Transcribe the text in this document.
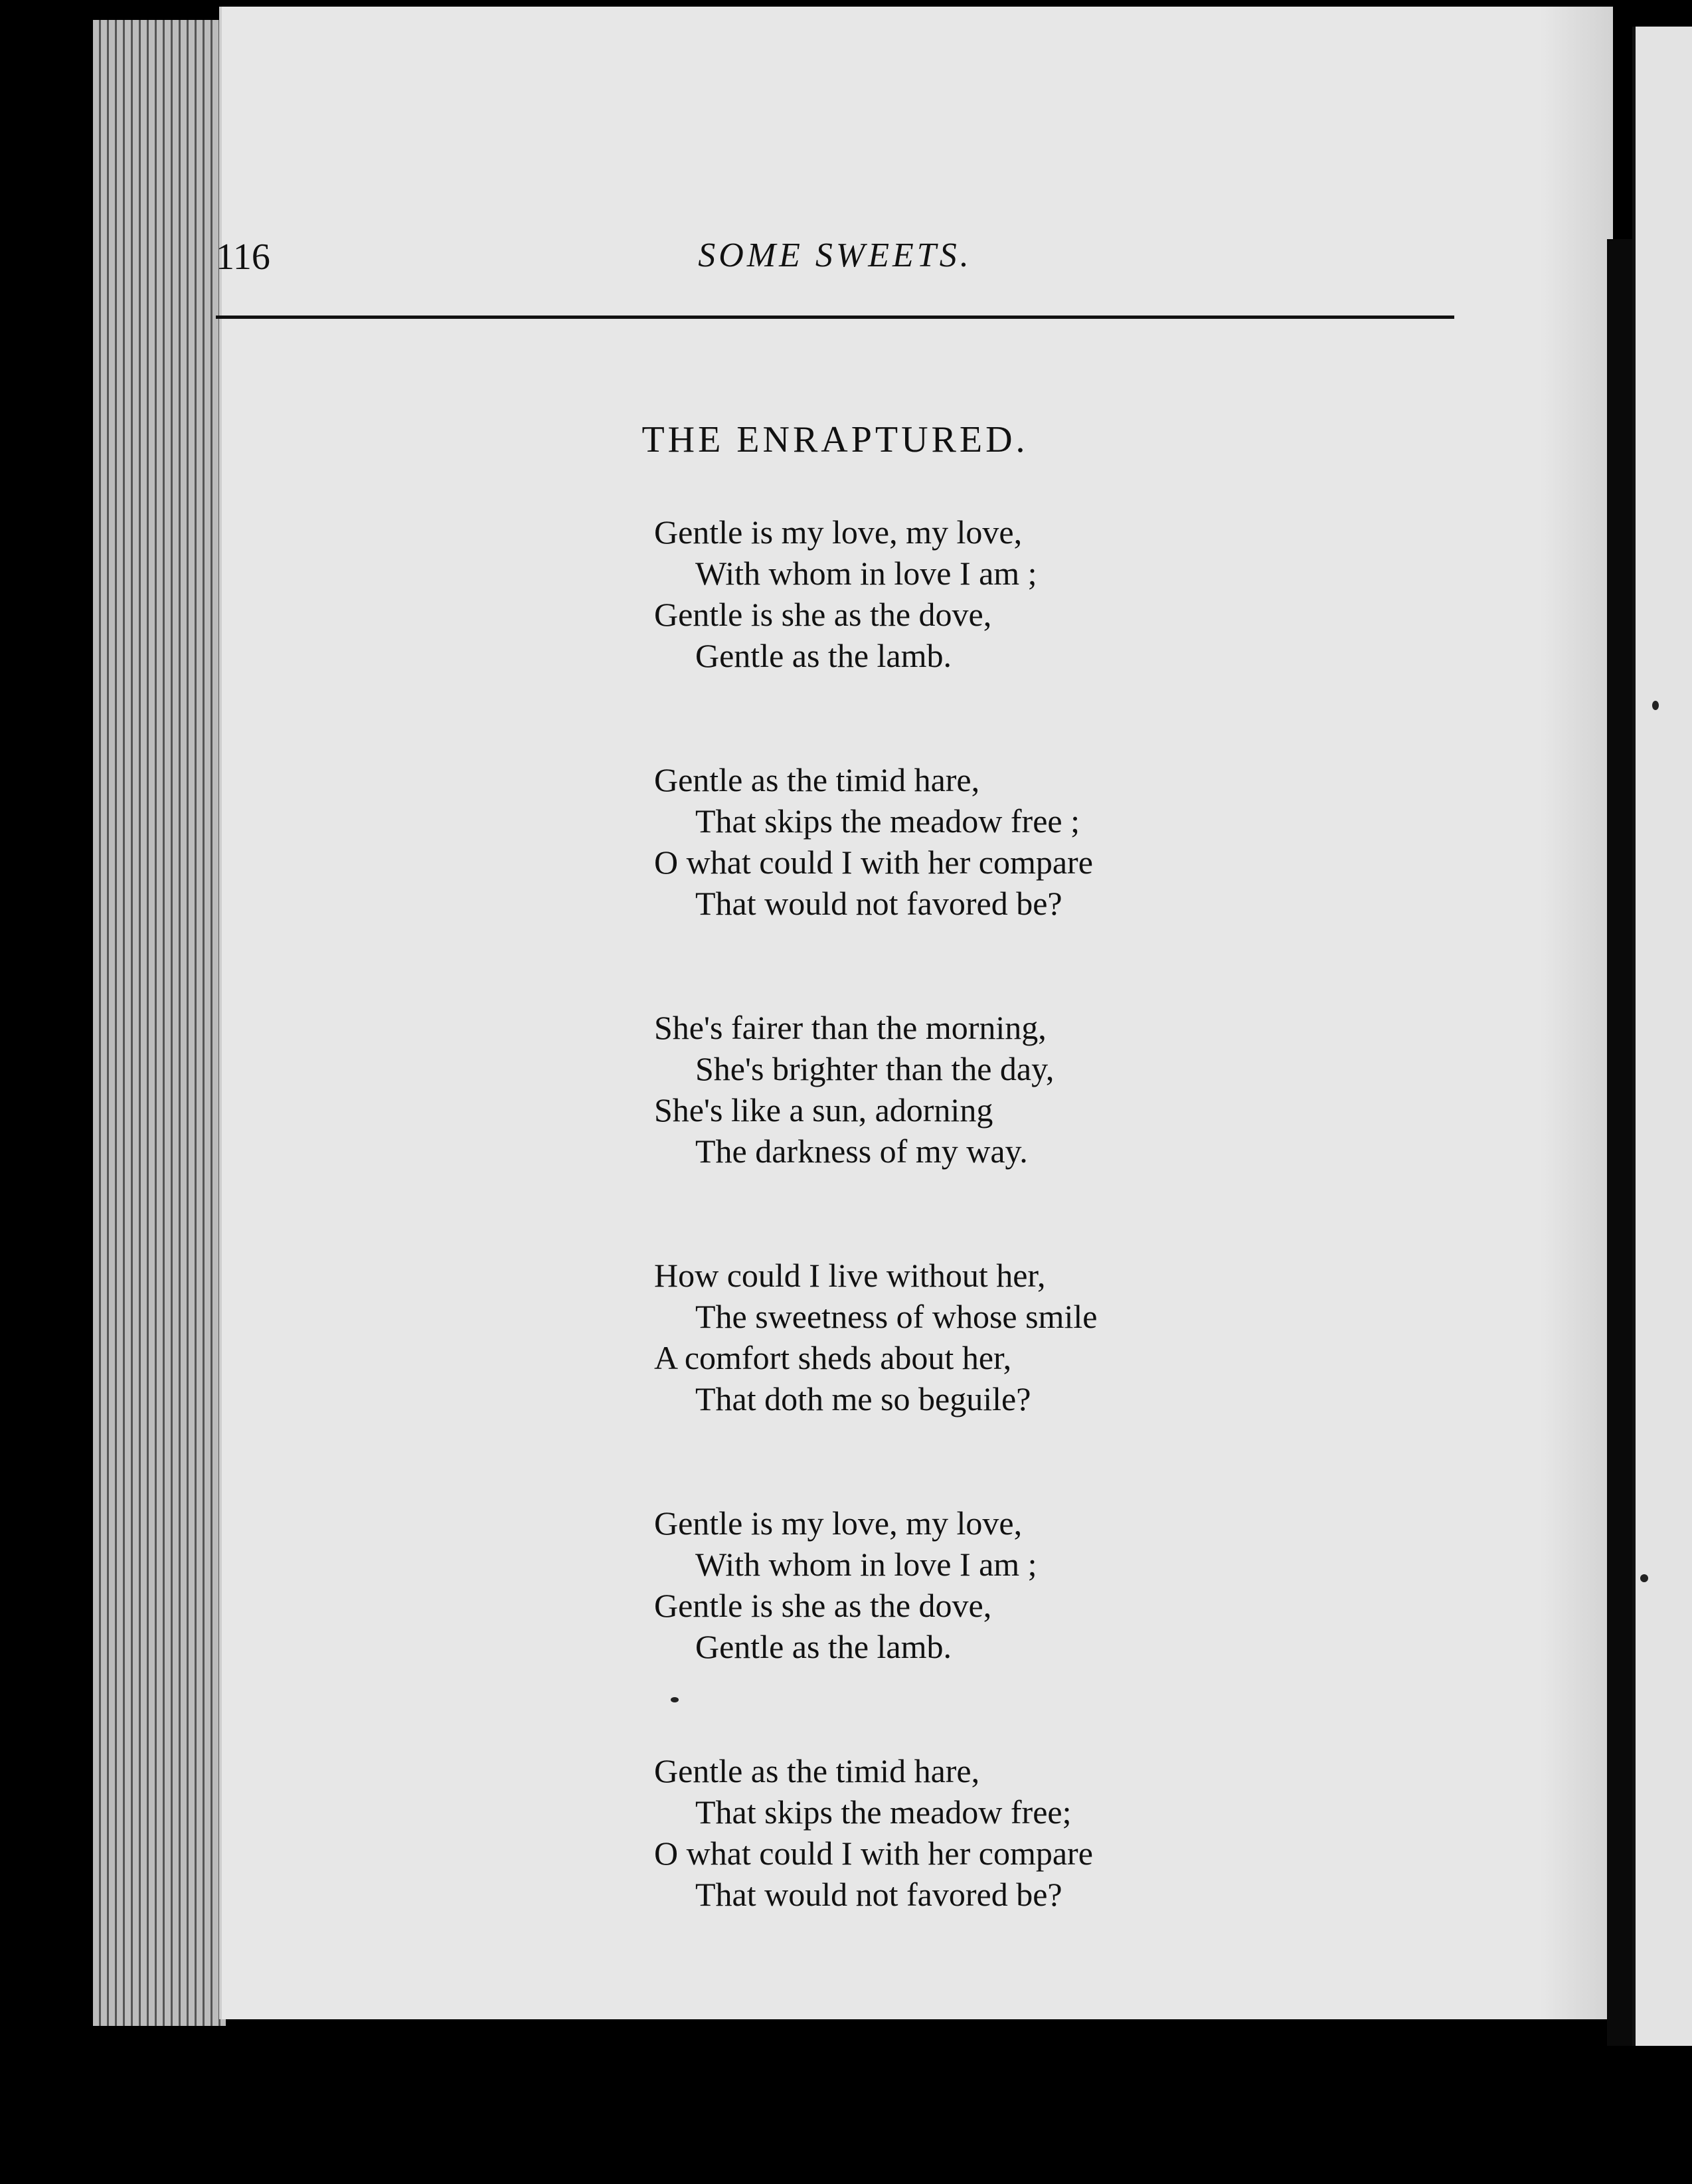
116	SOME SWEETS.
THE ENRAPTURED.
Gentle is my love, my love,
With whom in love I am ;
Gentle is she as the dove,
Gentle as the lamb.
Gentle as the timid hare,
That skips the meadow free ;
O what could I with her compare
That would not favored be?
She's fairer than the morning,
She's brighter than the day,
She's like a sun, adorning
The darkness of my way.
How could I live without her,
The sweetness of whose smile
A comfort sheds about her,
That doth me so beguile?
Gentle is my love, my love,
With whom in love I am ;
Gentle is she as the dove,
Gentle as the lamb.
Gentle as the timid hare,
That skips the meadow free;
O what could I with her compare
That would not favored be?
